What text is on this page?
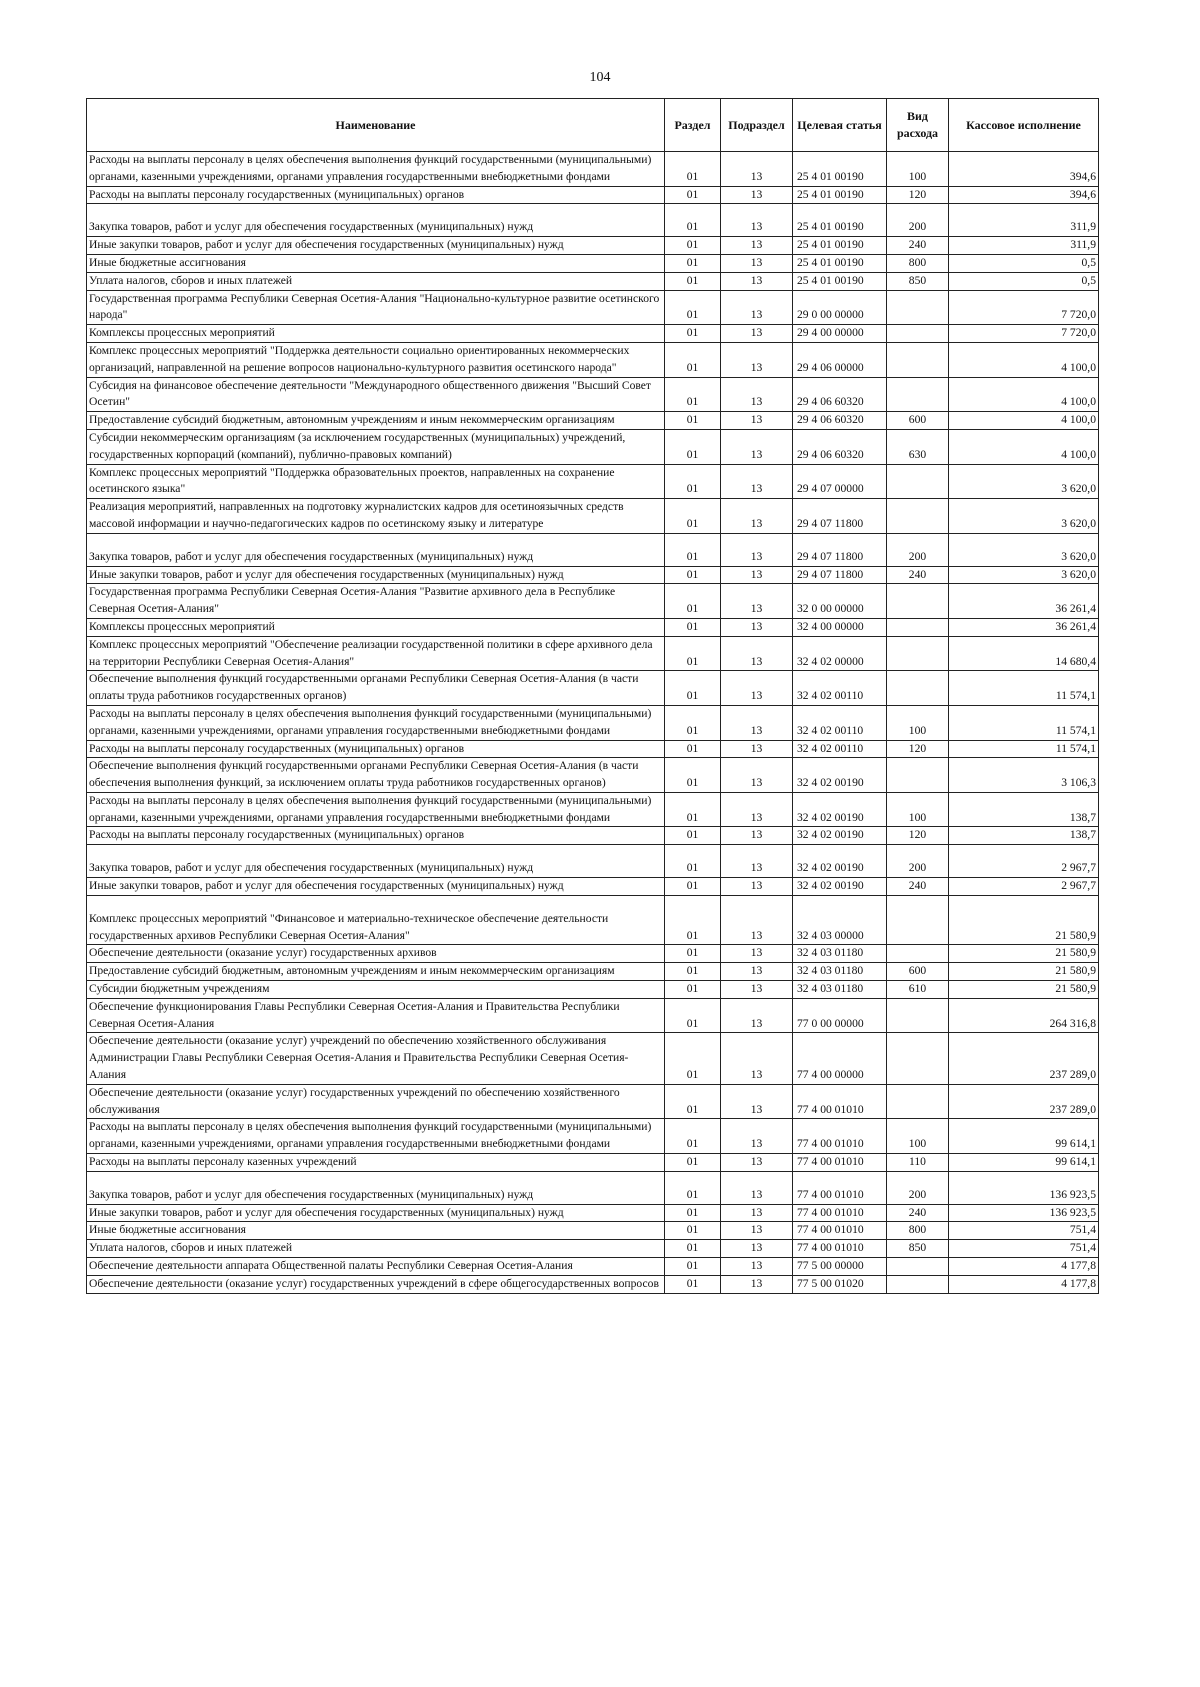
104
Наименование	Раздел	Подраздел	Целевая статья	Вид расхода	Кассовое исполнение
Расходы на выплаты персоналу в целях обеспечения выполнения функций государственными (муниципальными) органами, казенными учреждениями, органами управления государственными внебюджетными фондами	01	13	25 4 01 00190	100	394,6
Расходы на выплаты персоналу государственных (муниципальных) органов	01	13	25 4 01 00190	120	394,6
Закупка товаров, работ и услуг для обеспечения государственных (муниципальных) нужд	01	13	25 4 01 00190	200	311,9
Иные закупки товаров, работ и услуг для обеспечения государственных (муниципальных) нужд	01	13	25 4 01 00190	240	311,9
Иные бюджетные ассигнования	01	13	25 4 01 00190	800	0,5
Уплата налогов, сборов и иных платежей	01	13	25 4 01 00190	850	0,5
Государственная программа Республики Северная Осетия-Алания "Национально-культурное развитие осетинского народа"	01	13	29 0 00 00000		7 720,0
Комплексы процессных мероприятий	01	13	29 4 00 00000		7 720,0
Комплекс процессных мероприятий "Поддержка деятельности социально ориентированных некоммерческих организаций, направленной на решение вопросов национально-культурного развития осетинского народа"	01	13	29 4 06 00000		4 100,0
Субсидия на финансовое обеспечение деятельности "Международного общественного движения "Высший Совет Осетин"	01	13	29 4 06 60320		4 100,0
Предоставление субсидий бюджетным, автономным учреждениям и иным некоммерческим организациям	01	13	29 4 06 60320	600	4 100,0
Субсидии некоммерческим организациям (за исключением государственных (муниципальных) учреждений, государственных корпораций (компаний), публично-правовых компаний)	01	13	29 4 06 60320	630	4 100,0
Комплекс процессных мероприятий "Поддержка образовательных проектов, направленных на сохранение осетинского языка"	01	13	29 4 07 00000		3 620,0
Реализация мероприятий, направленных на подготовку журналистских кадров для осетиноязычных средств массовой информации и научно-педагогических кадров по осетинскому языку и литературе	01	13	29 4 07 11800		3 620,0
Закупка товаров, работ и услуг для обеспечения государственных (муниципальных) нужд	01	13	29 4 07 11800	200	3 620,0
Иные закупки товаров, работ и услуг для обеспечения государственных (муниципальных) нужд	01	13	29 4 07 11800	240	3 620,0
Государственная программа Республики Северная Осетия-Алания "Развитие архивного дела в Республике Северная Осетия-Алания"	01	13	32 0 00 00000		36 261,4
Комплексы процессных мероприятий	01	13	32 4 00 00000		36 261,4
Комплекс процессных мероприятий "Обеспечение реализации государственной политики в сфере архивного дела на территории Республики Северная Осетия-Алания"	01	13	32 4 02 00000		14 680,4
Обеспечение выполнения функций государственными органами Республики Северная Осетия-Алания (в части оплаты труда работников государственных органов)	01	13	32 4 02 00110		11 574,1
Расходы на выплаты персоналу в целях обеспечения выполнения функций государственными (муниципальными) органами, казенными учреждениями, органами управления государственными внебюджетными фондами	01	13	32 4 02 00110	100	11 574,1
Расходы на выплаты персоналу государственных (муниципальных) органов	01	13	32 4 02 00110	120	11 574,1
Обеспечение выполнения функций государственными органами Республики Северная Осетия-Алания (в части обеспечения выполнения функций, за исключением оплаты труда работников государственных органов)	01	13	32 4 02 00190		3 106,3
Расходы на выплаты персоналу в целях обеспечения выполнения функций государственными (муниципальными) органами, казенными учреждениями, органами управления государственными внебюджетными фондами	01	13	32 4 02 00190	100	138,7
Расходы на выплаты персоналу государственных (муниципальных) органов	01	13	32 4 02 00190	120	138,7
Закупка товаров, работ и услуг для обеспечения государственных (муниципальных) нужд	01	13	32 4 02 00190	200	2 967,7
Иные закупки товаров, работ и услуг для обеспечения государственных (муниципальных) нужд	01	13	32 4 02 00190	240	2 967,7
Комплекс процессных мероприятий "Финансовое и материально-техническое обеспечение деятельности государственных архивов Республики Северная Осетия-Алания"	01	13	32 4 03 00000		21 580,9
Обеспечение деятельности (оказание услуг) государственных архивов	01	13	32 4 03 01180		21 580,9
Предоставление субсидий бюджетным, автономным учреждениям и иным некоммерческим организациям	01	13	32 4 03 01180	600	21 580,9
Субсидии бюджетным учреждениям	01	13	32 4 03 01180	610	21 580,9
Обеспечение функционирования Главы Республики Северная Осетия-Алания и Правительства Республики Северная Осетия-Алания	01	13	77 0 00 00000		264 316,8
Обеспечение деятельности (оказание услуг) учреждений по обеспечению хозяйственного обслуживания Администрации Главы Республики Северная Осетия-Алания и Правительства Республики Северная Осетия-Алания	01	13	77 4 00 00000		237 289,0
Обеспечение деятельности (оказание услуг) государственных учреждений по обеспечению хозяйственного обслуживания	01	13	77 4 00 01010		237 289,0
Расходы на выплаты персоналу в целях обеспечения выполнения функций государственными (муниципальными) органами, казенными учреждениями, органами управления государственными внебюджетными фондами	01	13	77 4 00 01010	100	99 614,1
Расходы на выплаты персоналу казенных учреждений	01	13	77 4 00 01010	110	99 614,1
Закупка товаров, работ и услуг для обеспечения государственных (муниципальных) нужд	01	13	77 4 00 01010	200	136 923,5
Иные закупки товаров, работ и услуг для обеспечения государственных (муниципальных) нужд	01	13	77 4 00 01010	240	136 923,5
Иные бюджетные ассигнования	01	13	77 4 00 01010	800	751,4
Уплата налогов, сборов и иных платежей	01	13	77 4 00 01010	850	751,4
Обеспечение деятельности аппарата Общественной палаты Республики Северная Осетия-Алания	01	13	77 5 00 00000		4 177,8
Обеспечение деятельности (оказание услуг) государственных учреждений в сфере общегосударственных вопросов	01	13	77 5 00 01020		4 177,8
